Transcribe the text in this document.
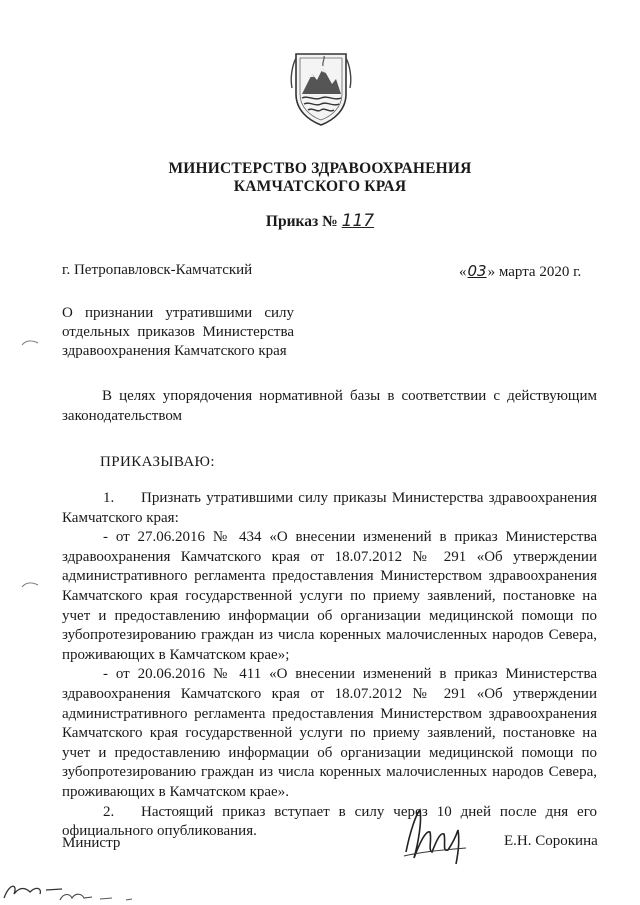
МИНИСТЕРСТВО ЗДРАВООХРАНЕНИЯ
КАМЧАТСКОГО КРАЯ
Приказ № 117
г. Петропавловск-Камчатский	«03» марта 2020 г.
О признании утратившими силу отдельных приказов Министерства здравоохранения Камчатского края
В целях упорядочения нормативной базы в соответствии с действующим законодательством
ПРИКАЗЫВАЮ:

1. Признать утратившими силу приказы Министерства здравоохранения Камчатского края:

- от 27.06.2016 № 434 «О внесении изменений в приказ Министерства здравоохранения Камчатского края от 18.07.2012 № 291 «Об утверждении административного регламента предоставления Министерством здравоохранения Камчатского края государственной услуги по приему заявлений, постановке на учет и предоставлению информации об организации медицинской помощи по зубопротезированию граждан из числа коренных малочисленных народов Севера, проживающих в Камчатском крае»;

- от 20.06.2016 № 411 «О внесении изменений в приказ Министерства здравоохранения Камчатского края от 18.07.2012 № 291 «Об утверждении административного регламента предоставления Министерством здравоохранения Камчатского края государственной услуги по приему заявлений, постановке на учет и предоставлению информации об организации медицинской помощи по зубопротезированию граждан из числа коренных малочисленных народов Севера, проживающих в Камчатском крае».

2. Настоящий приказ вступает в силу через 10 дней после дня его официального опубликования.

Министр	Е.Н. Сорокина
